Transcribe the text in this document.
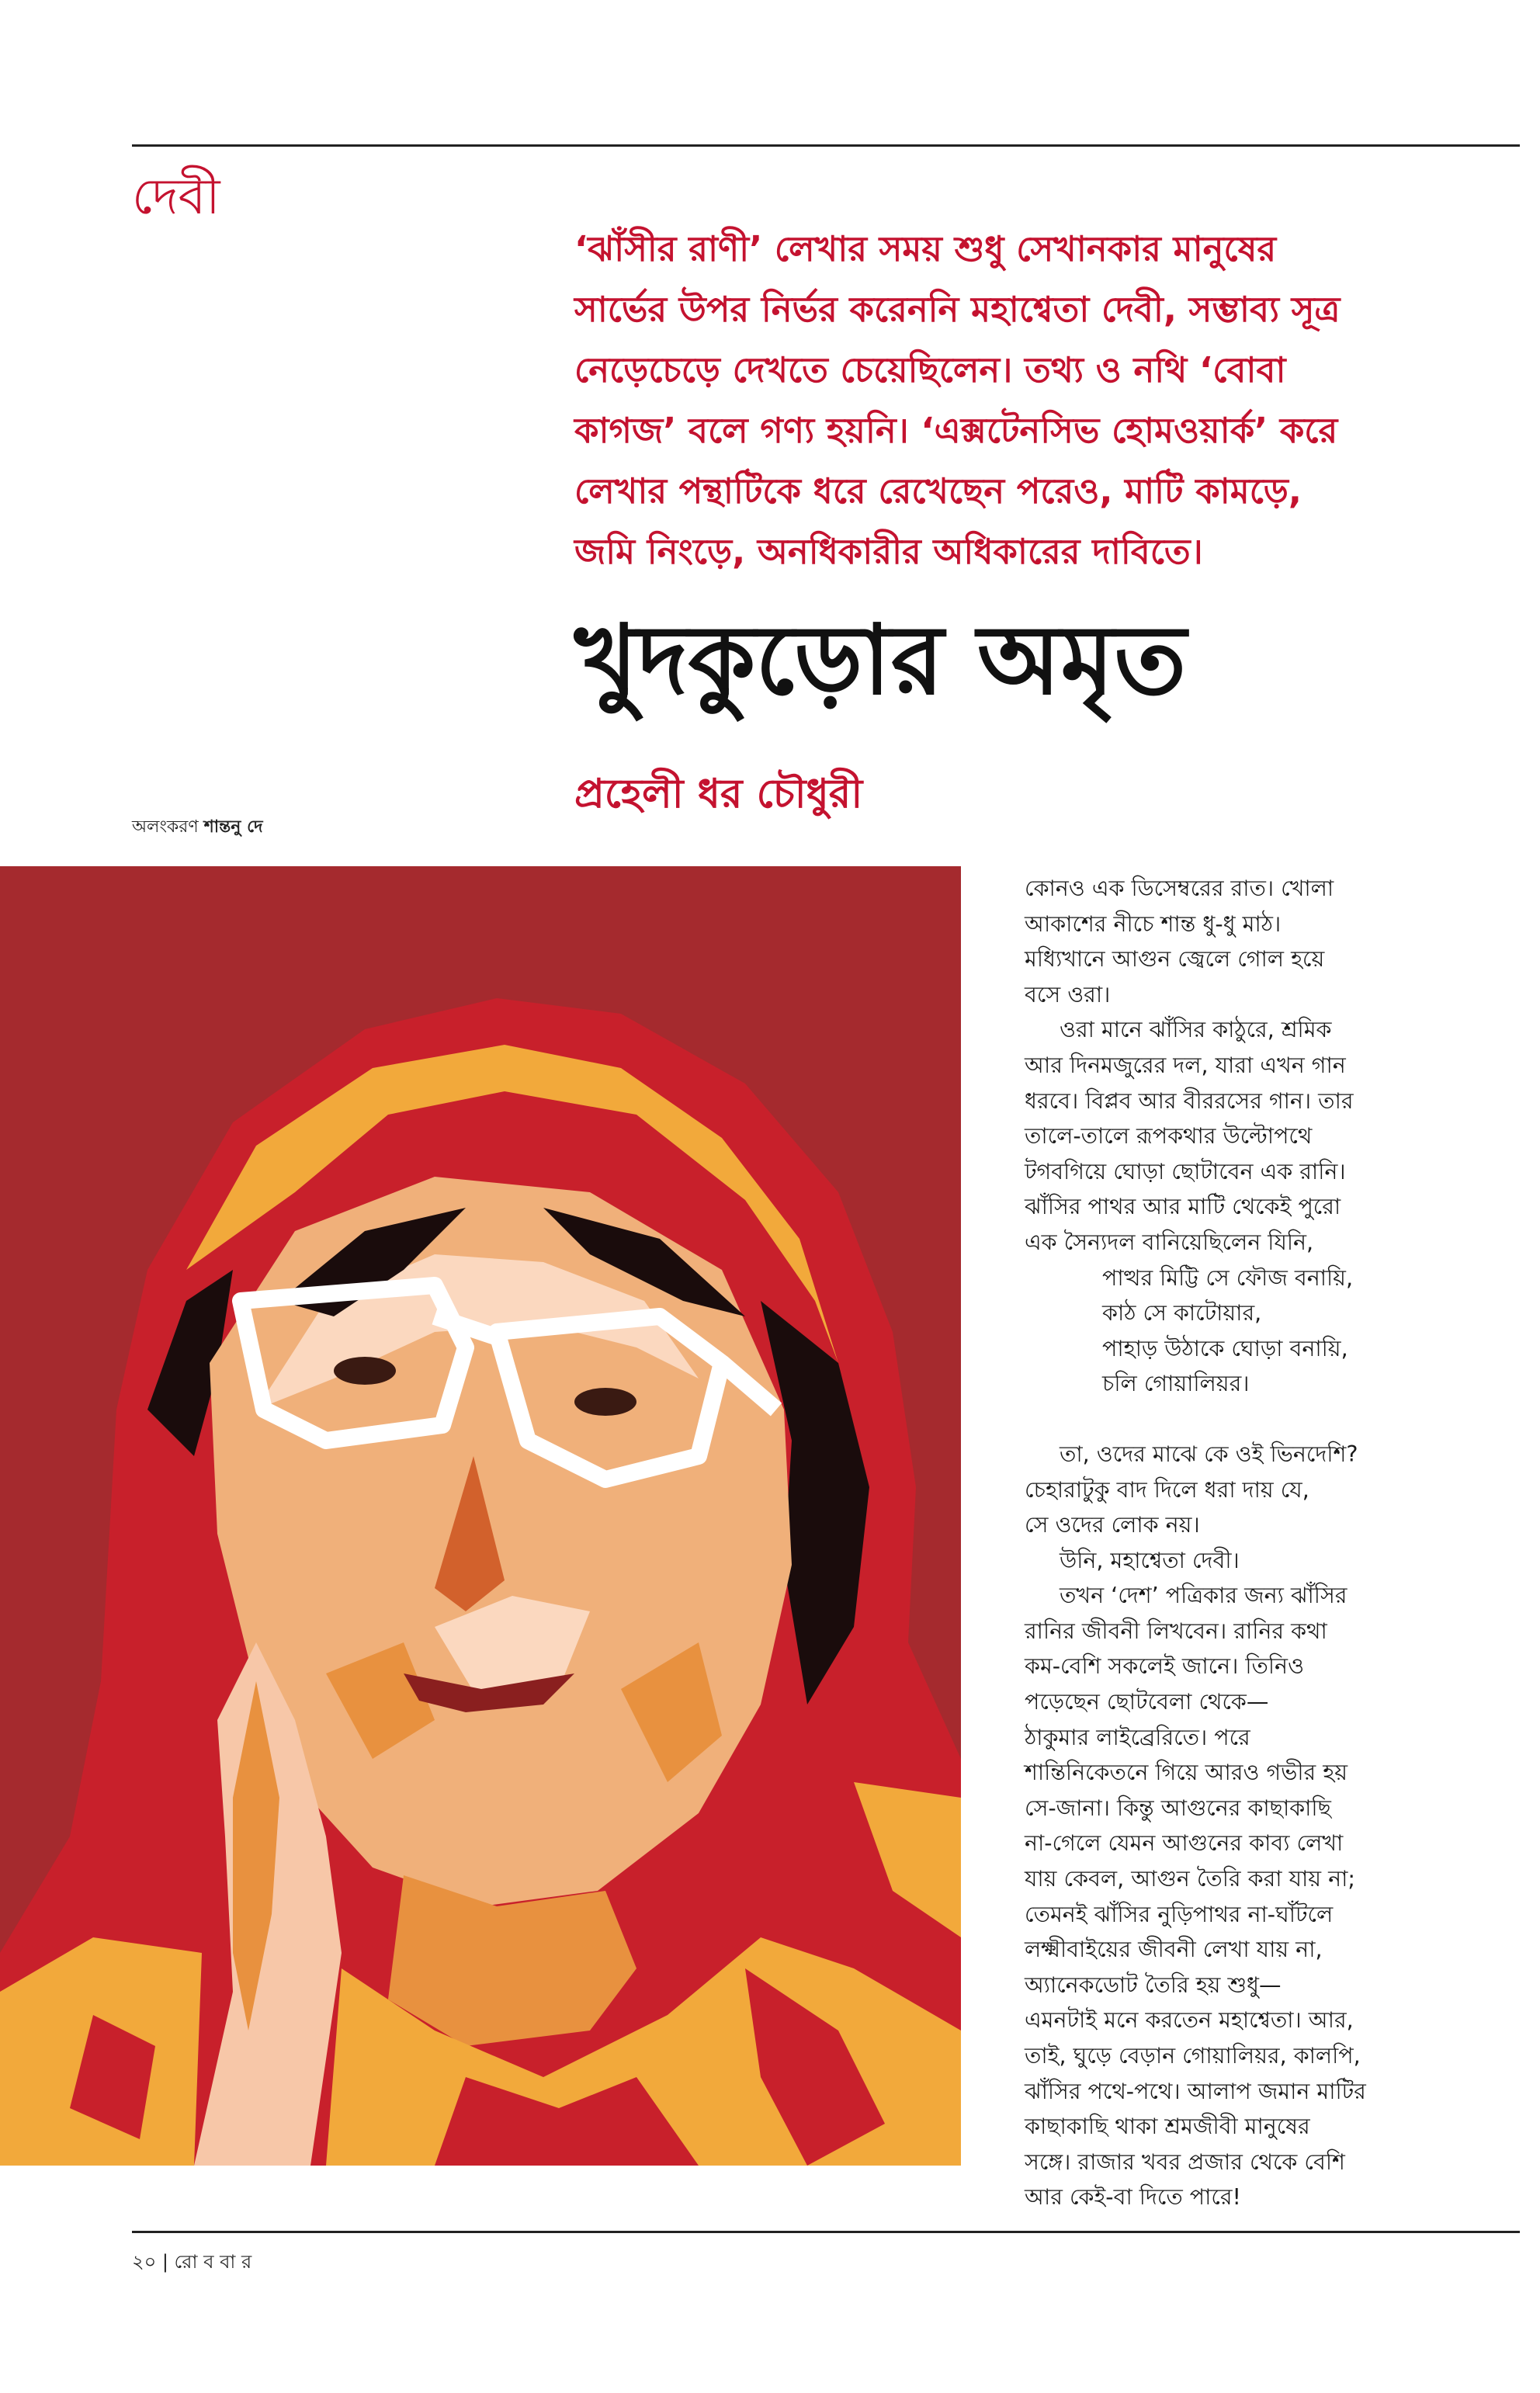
দেবী
‘ঝাঁসীর রাণী’ লেখার সময় শুধু সেখানকার মানুষের
সার্ভের উপর নির্ভর করেননি মহাশ্বেতা দেবী, সম্ভাব্য সূত্র
নেড়েচেড়ে দেখতে চেয়েছিলেন। তথ্য ও নথি ‘বোবা
কাগজ’ বলে গণ্য হয়নি। ‘এক্সটেনসিভ হোমওয়ার্ক’ করে
লেখার পন্থাটিকে ধরে রেখেছেন পরেও, মাটি কামড়ে,
জমি নিংড়ে, অনধিকারীর অধিকারের দাবিতে।
খুদকুড়োর অমৃত
প্রহেলী ধর চৌধুরী
অলংকরণ শান্তনু দে
কোনও এক ডিসেম্বরের রাত। খোলা
আকাশের নীচে শান্ত ধু-ধু মাঠ।
মধ্যিখানে আগুন জ্বেলে গোল হয়ে
বসে ওরা।
ওরা মানে ঝাঁসির কাঠুরে, শ্রমিক
আর দিনমজুরের দল, যারা এখন গান
ধরবে। বিপ্লব আর বীররসের গান। তার
তালে-তালে রূপকথার উল্টোপথে
টগবগিয়ে ঘোড়া ছোটাবেন এক রানি।
ঝাঁসির পাথর আর মাটি থেকেই পুরো
এক সৈন্যদল বানিয়েছিলেন যিনি,
পাত্থর মিট্টি সে ফৌজ বনায়ি,
কাঠ সে কাটোয়ার,
পাহাড় উঠাকে ঘোড়া বনায়ি,
চলি গোয়ালিয়র।
তা, ওদের মাঝে কে ওই ভিনদেশি?
চেহারাটুকু বাদ দিলে ধরা দায় যে,
সে ওদের লোক নয়।
উনি, মহাশ্বেতা দেবী।
তখন ‘দেশ’ পত্রিকার জন্য ঝাঁসির
রানির জীবনী লিখবেন। রানির কথা
কম-বেশি সকলেই জানে। তিনিও
পড়েছেন ছোটবেলা থেকে—
ঠাকুমার লাইব্রেরিতে। পরে
শান্তিনিকেতনে গিয়ে আরও গভীর হয়
সে-জানা। কিন্তু আগুনের কাছাকাছি
না-গেলে যেমন আগুনের কাব্য লেখা
যায় কেবল, আগুন তৈরি করা যায় না;
তেমনই ঝাঁসির নুড়িপাথর না-ঘাঁটলে
লক্ষ্মীবাইয়ের জীবনী লেখা যায় না,
অ্যানেকডোট তৈরি হয় শুধু—
এমনটাই মনে করতেন মহাশ্বেতা। আর,
তাই, ঘুড়ে বেড়ান গোয়ালিয়র, কালপি,
ঝাঁসির পথে-পথে। আলাপ জমান মাটির
কাছাকাছি থাকা শ্রমজীবী মানুষের
সঙ্গে। রাজার খবর প্রজার থেকে বেশি
আর কেই-বা দিতে পারে!
২০ | রো ব বা র
